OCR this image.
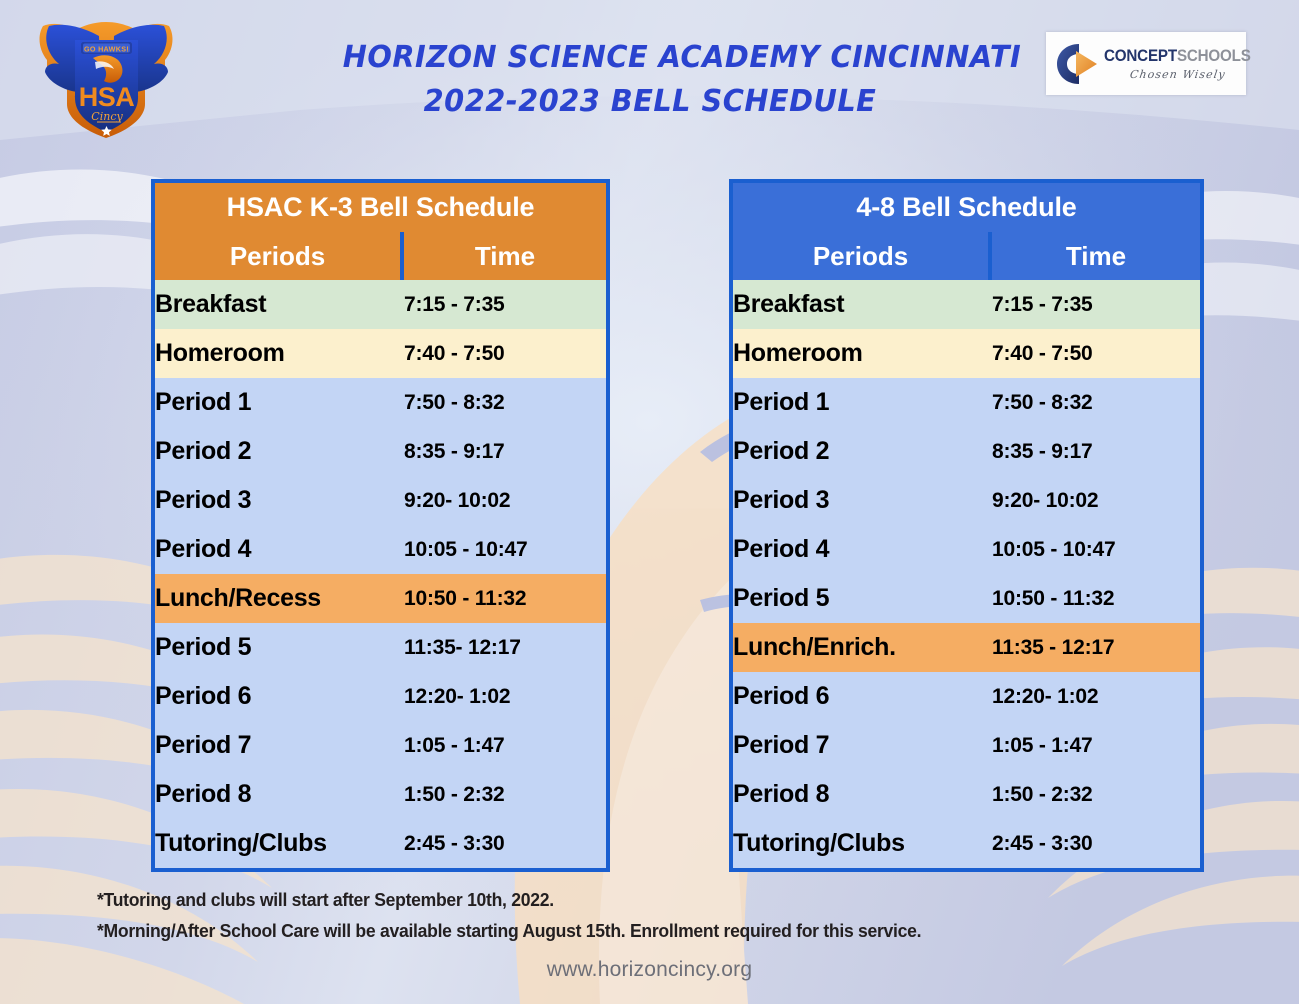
GO HAWKS!
HSA
Cincy
HORIZON SCIENCE ACADEMY CINCINNATI
2022-2023 BELL SCHEDULE
CONCEPTSCHOOLS
Chosen Wisely
HSAC K-3 Bell Schedule	
Periods	Time
Breakfast	7:15 - 7:35
Homeroom	7:40 - 7:50
Period 1	7:50 - 8:32
Period 2	8:35 - 9:17
Period 3	9:20- 10:02
Period 4	10:05 - 10:47
Lunch/Recess	10:50 - 11:32
Period 5	11:35- 12:17
Period 6	12:20- 1:02
Period 7	1:05 - 1:47
Period 8	1:50 - 2:32
Tutoring/Clubs	2:45 - 3:30
4-8 Bell Schedule	
Periods	Time
Breakfast	7:15 - 7:35
Homeroom	7:40 - 7:50
Period 1	7:50 - 8:32
Period 2	8:35 - 9:17
Period 3	9:20- 10:02
Period 4	10:05 - 10:47
Period 5	10:50 - 11:32
Lunch/Enrich.	11:35 - 12:17
Period 6	12:20- 1:02
Period 7	1:05 - 1:47
Period 8	1:50 - 2:32
Tutoring/Clubs	2:45 - 3:30
*Tutoring and clubs will start after September 10th, 2022.
*Morning/After School Care will be available starting August 15th. Enrollment required for this service.
www.horizoncincy.org
